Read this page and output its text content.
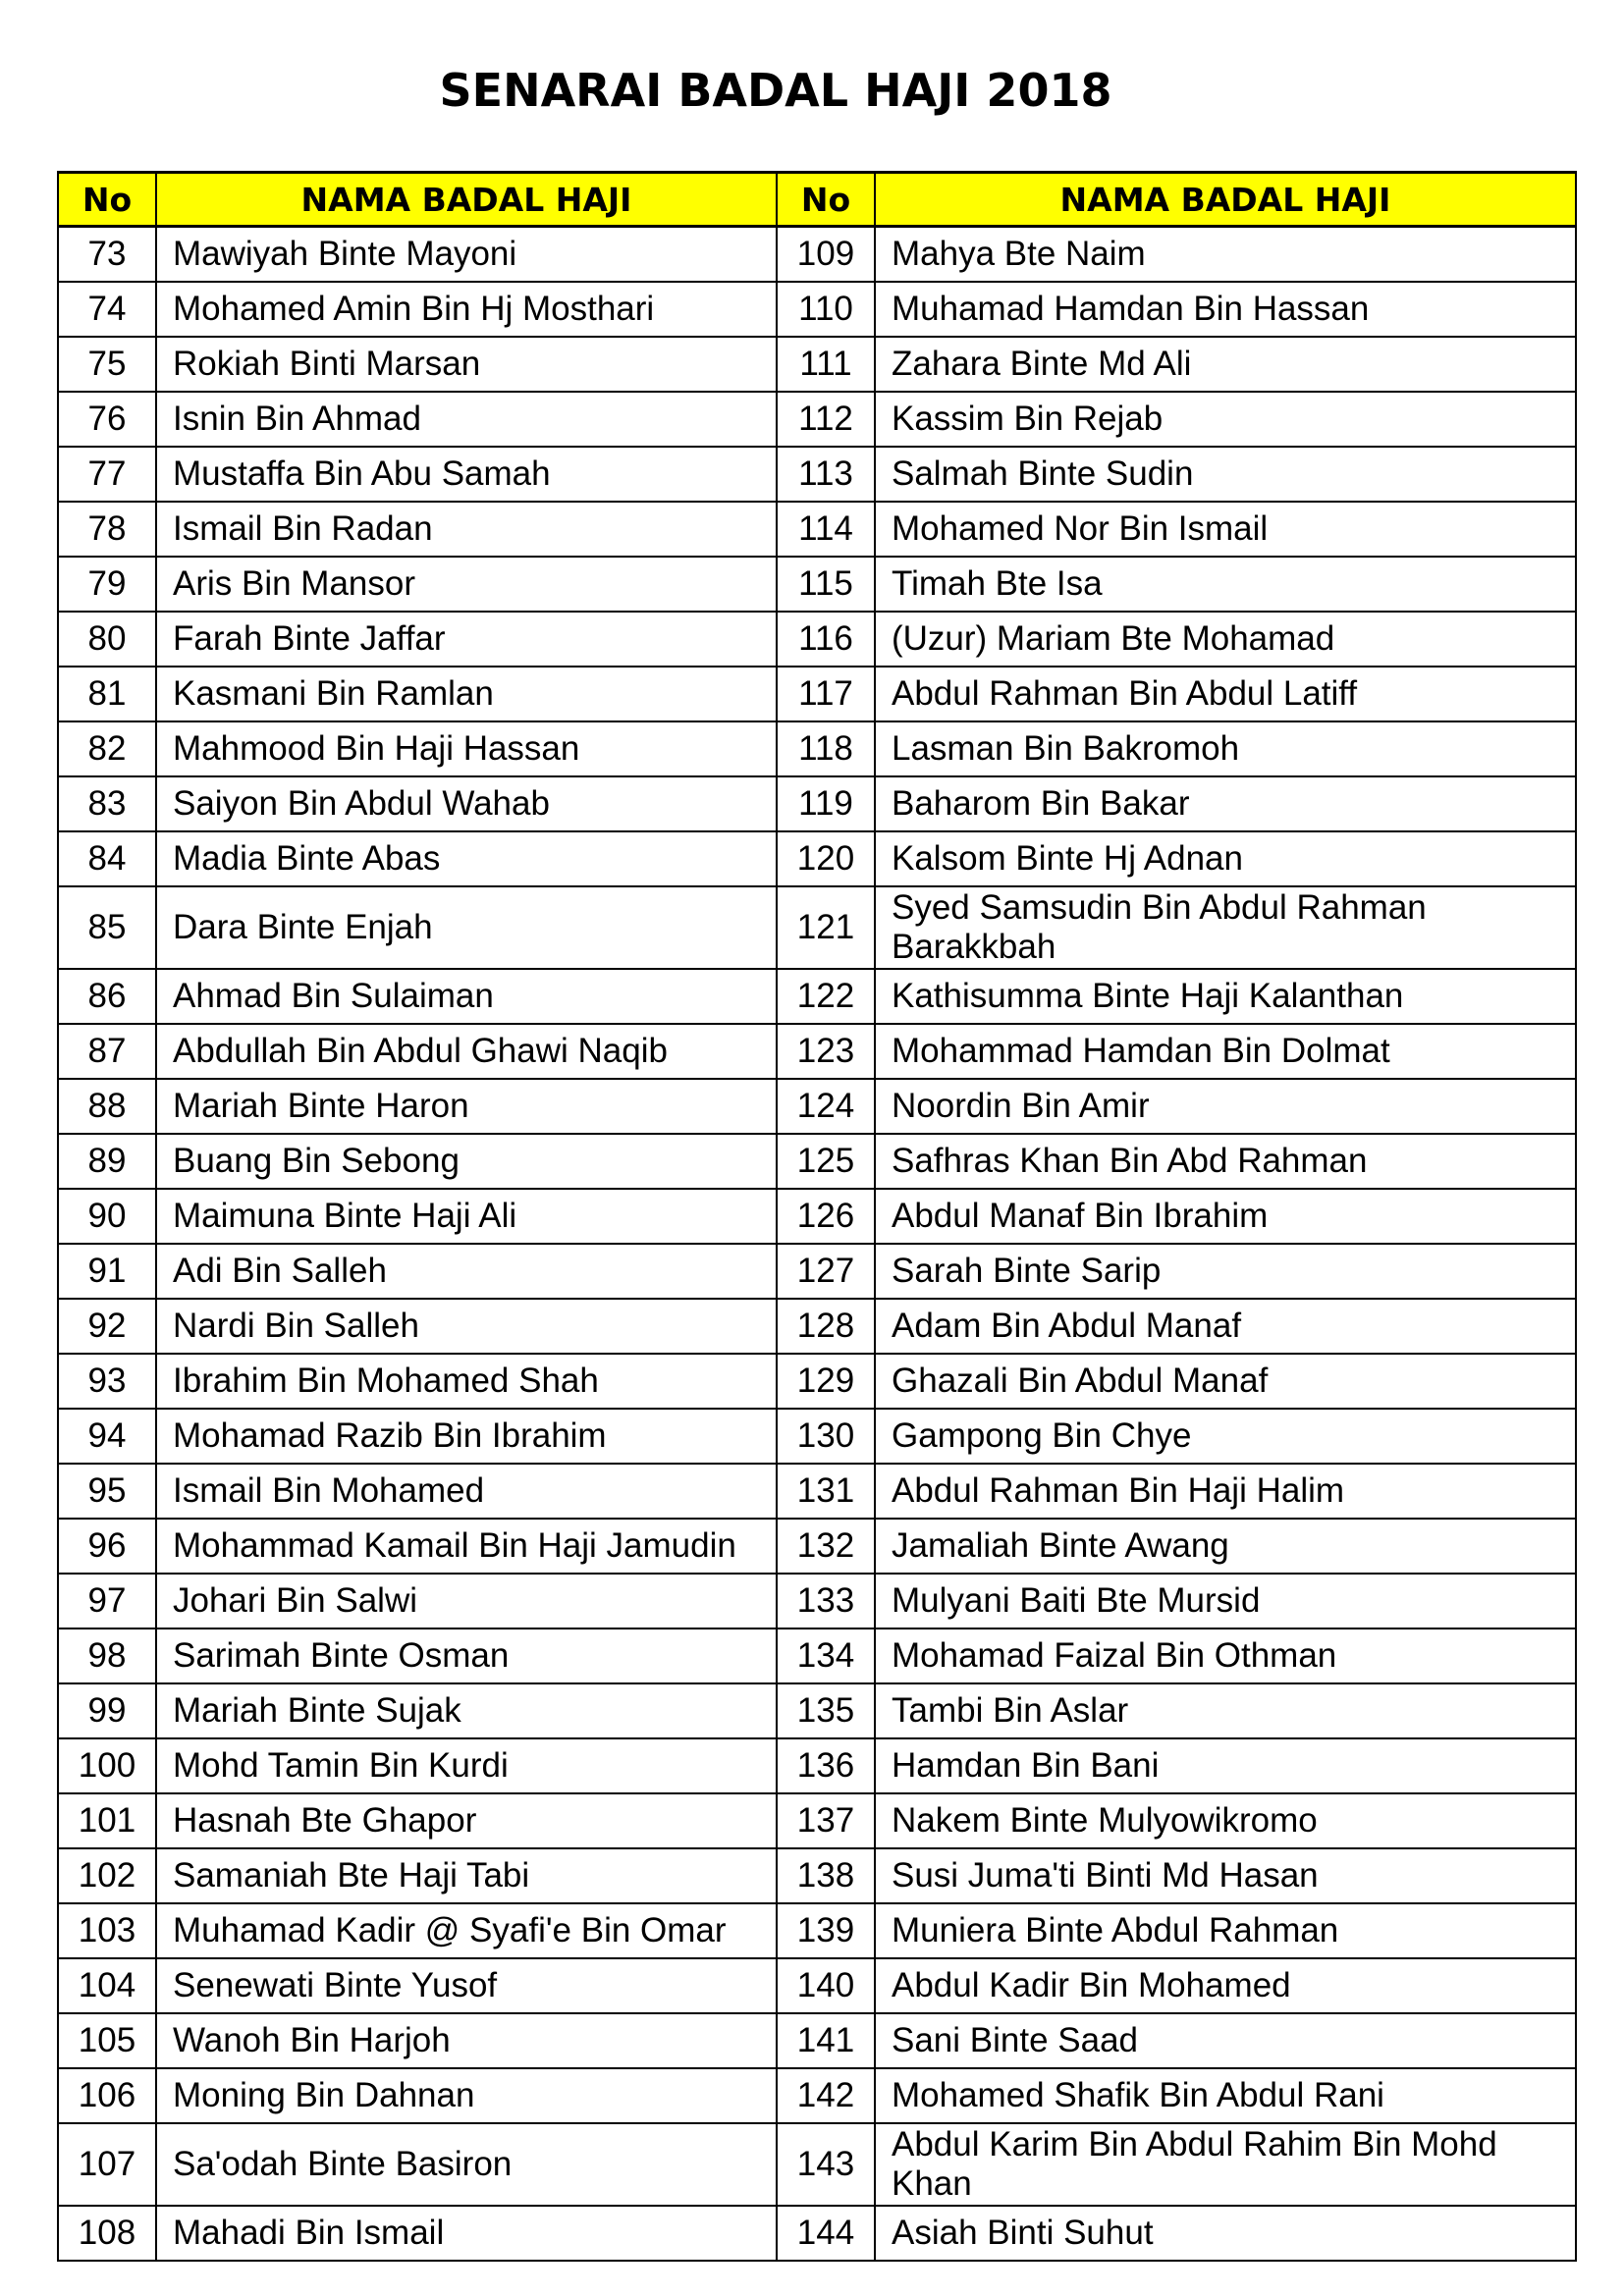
SENARAI BADAL HAJI 2018
No	NAMA BADAL HAJI	No	NAMA BADAL HAJI
73	Mawiyah Binte Mayoni	109	Mahya Bte Naim
74	Mohamed Amin Bin Hj Mosthari	110	Muhamad Hamdan Bin Hassan
75	Rokiah Binti Marsan	111	Zahara Binte Md Ali
76	Isnin Bin Ahmad	112	Kassim Bin Rejab
77	Mustaffa Bin Abu Samah	113	Salmah Binte Sudin
78	Ismail Bin Radan	114	Mohamed Nor Bin Ismail
79	Aris Bin Mansor	115	Timah Bte Isa
80	Farah Binte Jaffar	116	(Uzur) Mariam Bte Mohamad
81	Kasmani Bin Ramlan	117	Abdul Rahman Bin Abdul Latiff
82	Mahmood Bin Haji Hassan	118	Lasman Bin Bakromoh
83	Saiyon Bin Abdul Wahab	119	Baharom Bin Bakar
84	Madia Binte Abas	120	Kalsom Binte Hj Adnan
85	Dara Binte Enjah	121	Syed Samsudin Bin Abdul Rahman Barakkbah
86	Ahmad Bin Sulaiman	122	Kathisumma Binte Haji Kalanthan
87	Abdullah Bin Abdul Ghawi Naqib	123	Mohammad Hamdan Bin Dolmat
88	Mariah Binte Haron	124	Noordin Bin Amir
89	Buang Bin Sebong	125	Safhras Khan Bin Abd Rahman
90	Maimuna Binte Haji Ali	126	Abdul Manaf Bin Ibrahim
91	Adi Bin Salleh	127	Sarah Binte Sarip
92	Nardi Bin Salleh	128	Adam Bin Abdul Manaf
93	Ibrahim Bin Mohamed Shah	129	Ghazali Bin Abdul Manaf
94	Mohamad Razib Bin Ibrahim	130	Gampong Bin Chye
95	Ismail Bin Mohamed	131	Abdul Rahman Bin Haji Halim
96	Mohammad Kamail Bin Haji Jamudin	132	Jamaliah Binte Awang
97	Johari Bin Salwi	133	Mulyani Baiti Bte Mursid
98	Sarimah Binte Osman	134	Mohamad Faizal Bin Othman
99	Mariah Binte Sujak	135	Tambi Bin Aslar
100	Mohd Tamin Bin Kurdi	136	Hamdan Bin Bani
101	Hasnah Bte Ghapor	137	Nakem Binte Mulyowikromo
102	Samaniah Bte Haji Tabi	138	Susi Juma'ti Binti Md Hasan
103	Muhamad Kadir @ Syafi'e Bin Omar	139	Muniera Binte Abdul Rahman
104	Senewati Binte Yusof	140	Abdul Kadir Bin Mohamed
105	Wanoh Bin Harjoh	141	Sani Binte Saad
106	Moning Bin Dahnan	142	Mohamed Shafik Bin Abdul Rani
107	Sa'odah Binte Basiron	143	Abdul Karim Bin Abdul Rahim Bin Mohd Khan
108	Mahadi Bin Ismail	144	Asiah Binti Suhut
